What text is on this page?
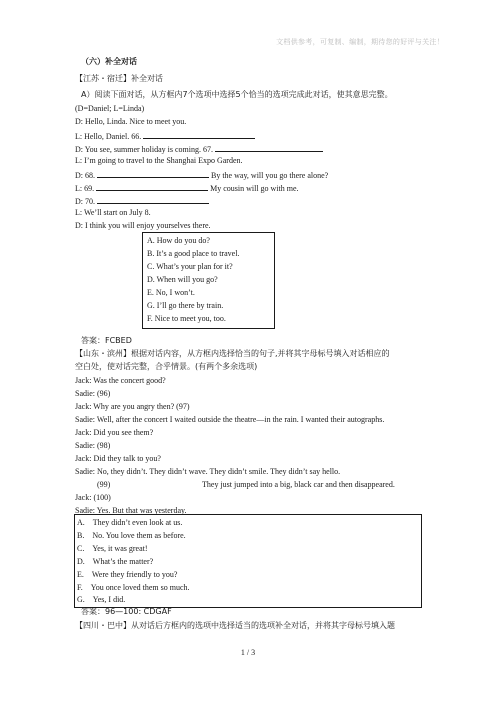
文档供参考，可复制、编制，期待您的好评与关注！
（六）补全对话
【江苏・宿迁】补全对话
A）阅读下面对话，从方框内7个选项中选择5个恰当的选项完成此对话，使其意思完整。
(D=Daniel; L=Linda)
D: Hello, Linda. Nice to meet you.
L: Hello, Daniel. 66.
D: You see, summer holiday is coming. 67.
L: I’m going to travel to the Shanghai Expo Garden.
D: 68.	By the way, will you go there alone?
L: 69.	My cousin will go with me.
D: 70.
L: We’ll start on July 8.
D: I think you will enjoy yourselves there.
A. How do you do?
B. It’s a good place to travel.
C. What’s your plan for it?
D. When will you go?
E. No, I won’t.
G. I’ll go there by train.
F. Nice to meet you, too.
答案：FCBED
【山东・滨州】根据对话内容，从方框内选择恰当的句子,并将其字母标号填入对话相应的
空白处，使对话完整，合乎情景。(有两个多余选项)
Jack: Was the concert good?
Sadie: (96)
Jack: Why are you angry then? (97)
Sadie: Well, after the concert I waited outside the theatre—in the rain. I wanted their autographs.
Jack: Did you see them?
Sadie: (98)
Jack: Did they talk to you?
Sadie: No, they didn’t. They didn’t wave. They didn’t smile. They didn’t say hello.
(99)	They just jumped into a big, black car and then disappeared.
Jack: (100)
Sadie: Yes. But that was yesterday.
A.　They didn’t even look at us.
B.　No. You love them as before.
C.　Yes, it was great!
D.　What’s the matter?
E.　Were they friendly to you?
F.　You once loved them so much.
G.　Yes, I did.
答案：96—100: CDGAF
【四川・巴中】从对话后方框内的选项中选择适当的选项补全对话，并将其字母标号填入题
1 / 3
